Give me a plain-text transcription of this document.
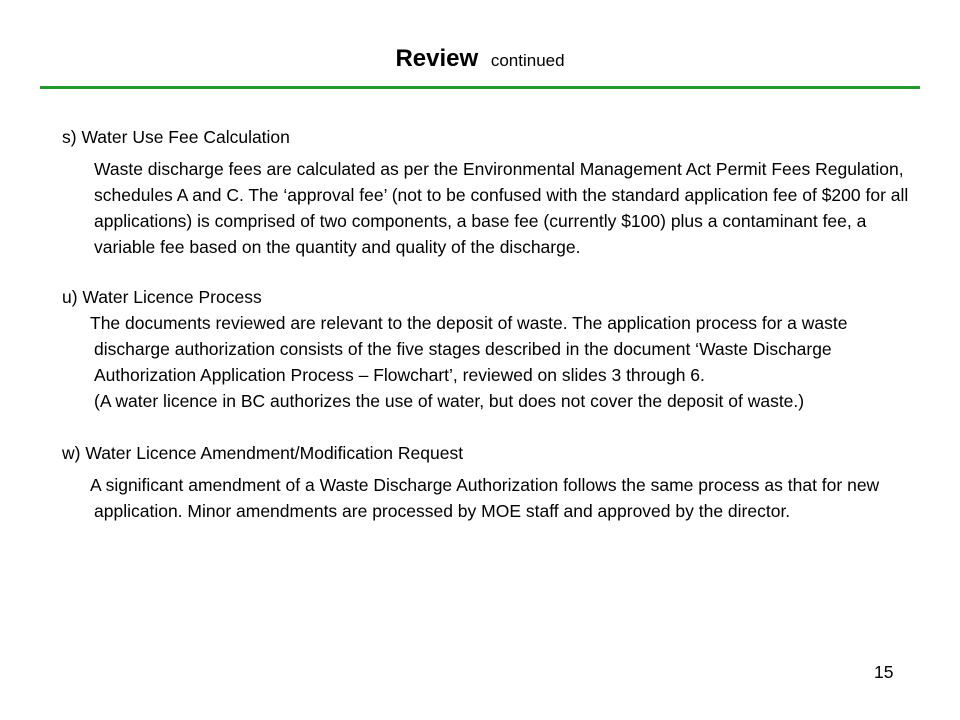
Review continued

s) Water Use Fee Calculation

Waste discharge fees are calculated as per the Environmental Management Act Permit Fees Regulation, schedules A and C. The ‘approval fee’ (not to be confused with the standard application fee of $200 for all applications) is comprised of two components, a base fee (currently $100) plus a contaminant fee, a variable fee based on the quantity and quality of the discharge.

u) Water Licence Process

The documents reviewed are relevant to the deposit of waste. The application process for a waste discharge authorization consists of the five stages described in the document ‘Waste Discharge Authorization Application Process – Flowchart’, reviewed on slides 3 through 6.

(A water licence in BC authorizes the use of water, but does not cover the deposit of waste.)

w) Water Licence Amendment/Modification Request

A significant amendment of a Waste Discharge Authorization follows the same process as that for new application. Minor amendments are processed by MOE staff and approved by the director.

15
